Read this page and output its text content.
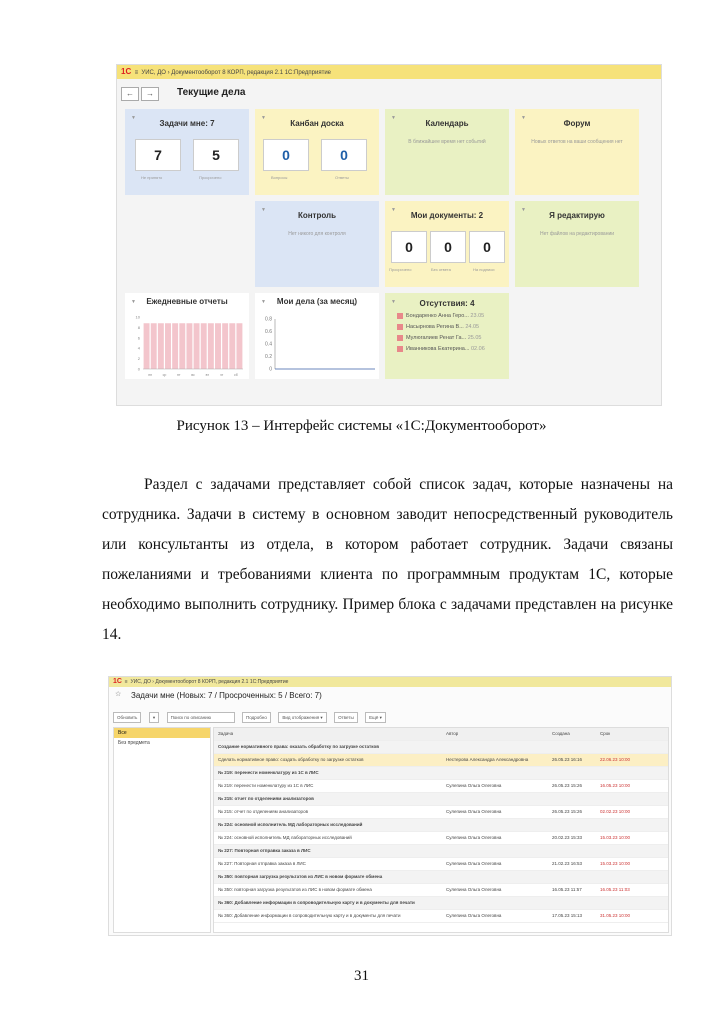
1С  ≡  УИС, ДО › Документооборот 8 КОРП, редакция 2.1 1С:Предприятие
← →	Текущие дела
▼
Задачи мне: 7
7	5
Не принято	Просрочено
▼
Канбан доска
0	0
Вопросы	Ответы
▼
Календарь
В ближайшее время нет событий
▼
Форум
Новых ответов на ваши сообщения нет
▼
Контроль
Нет никого для контроля
▼
Мои документы: 2
0	0	0
Просрочено	Без ответа	На подписи
▼
Я редактирую
Нет файлов на редактировании
▼	Ежедневные отчеты
10
8
6
4
2
0
пн	ср	пт	вс	вт	чт	сб
▼	Мои дела (за месяц)
0.8
0.6
0.4
0.2
0
▼	Отсутствия: 4
Бондаренко Анна Геро... 23.05
Насырнова Регина В... 24.05
Мулюгалиев Ренат Га... 25.05
Иванникова Екатерина... 02.06
Рисунок 13 – Интерфейс системы «1С:Документооборот»
Раздел с задачами представляет собой список задач, которые назначены на сотрудника. Задачи в систему в основном заводит непосредственный руководитель или консультанты из отдела, в котором работает сотрудник. Задачи связаны пожеланиями и требованиями клиента по программным продуктам 1С, которые необходимо выполнить сотруднику. Пример блока с задачами представлен на рисунке 14.
1С  ≡  УИС, ДО › Документооборот 8 КОРП, редакция 2.1 1С:Предприятие
☆ Задачи мне (Новых: 7 / Просроченных: 5 / Всего: 7)
Обновить	▾	Поиск по описанию	Подробно	Вид отображения ▾	Ответы	Ещё ▾
Все
Без предмета
Задача	Автор	Создана	Срок
Создание нормативного права: оказать обработку по загрузке остатков
Сделать нормативное право: создать обработку по загрузке остатков	Нестерова Александра Александровна	26.05.23 16:16	22.06.23 10:00
№ 219: перенести номенклатуру из 1С в ЛИС
№ 219: перенести номенклатуру из 1С в ЛИС	Сулепина Ольга Олеговна	26.05.23 15:26	16.05.23 10:00
№ 215: отчет по отделениям анализаторов
№ 215: отчет по отделениям анализаторов	Сулепина Ольга Олеговна	26.05.23 15:26	02.02.23 10:00
№ 224: основной исполнитель МД лабораторных исследований
№ 224: основной исполнитель МД лабораторных исследований	Сулепина Ольга Олеговна	20.02.23 15:33	15.03.23 10:00
№ 227: Повторная отправка заказа в ЛИС
№ 227: Повторная отправка заказа в ЛИС	Сулепина Ольга Олеговна	21.02.23 16:53	15.03.23 10:00
№ 350: повторная загрузка результатов из ЛИС в новом формате обмена
№ 350: повторная загрузка результатов из ЛИС в новом формате обмена	Сулепина Ольга Олеговна	16.05.23 11:57	16.05.23 11:03
№ 360: Добавление информации в сопроводительную карту и в документы для печати
№ 360: Добавление информации в сопроводительную карту и в документы для печати	Сулепина Ольга Олеговна	17.05.23 15:13	31.05.23 10:00
31
